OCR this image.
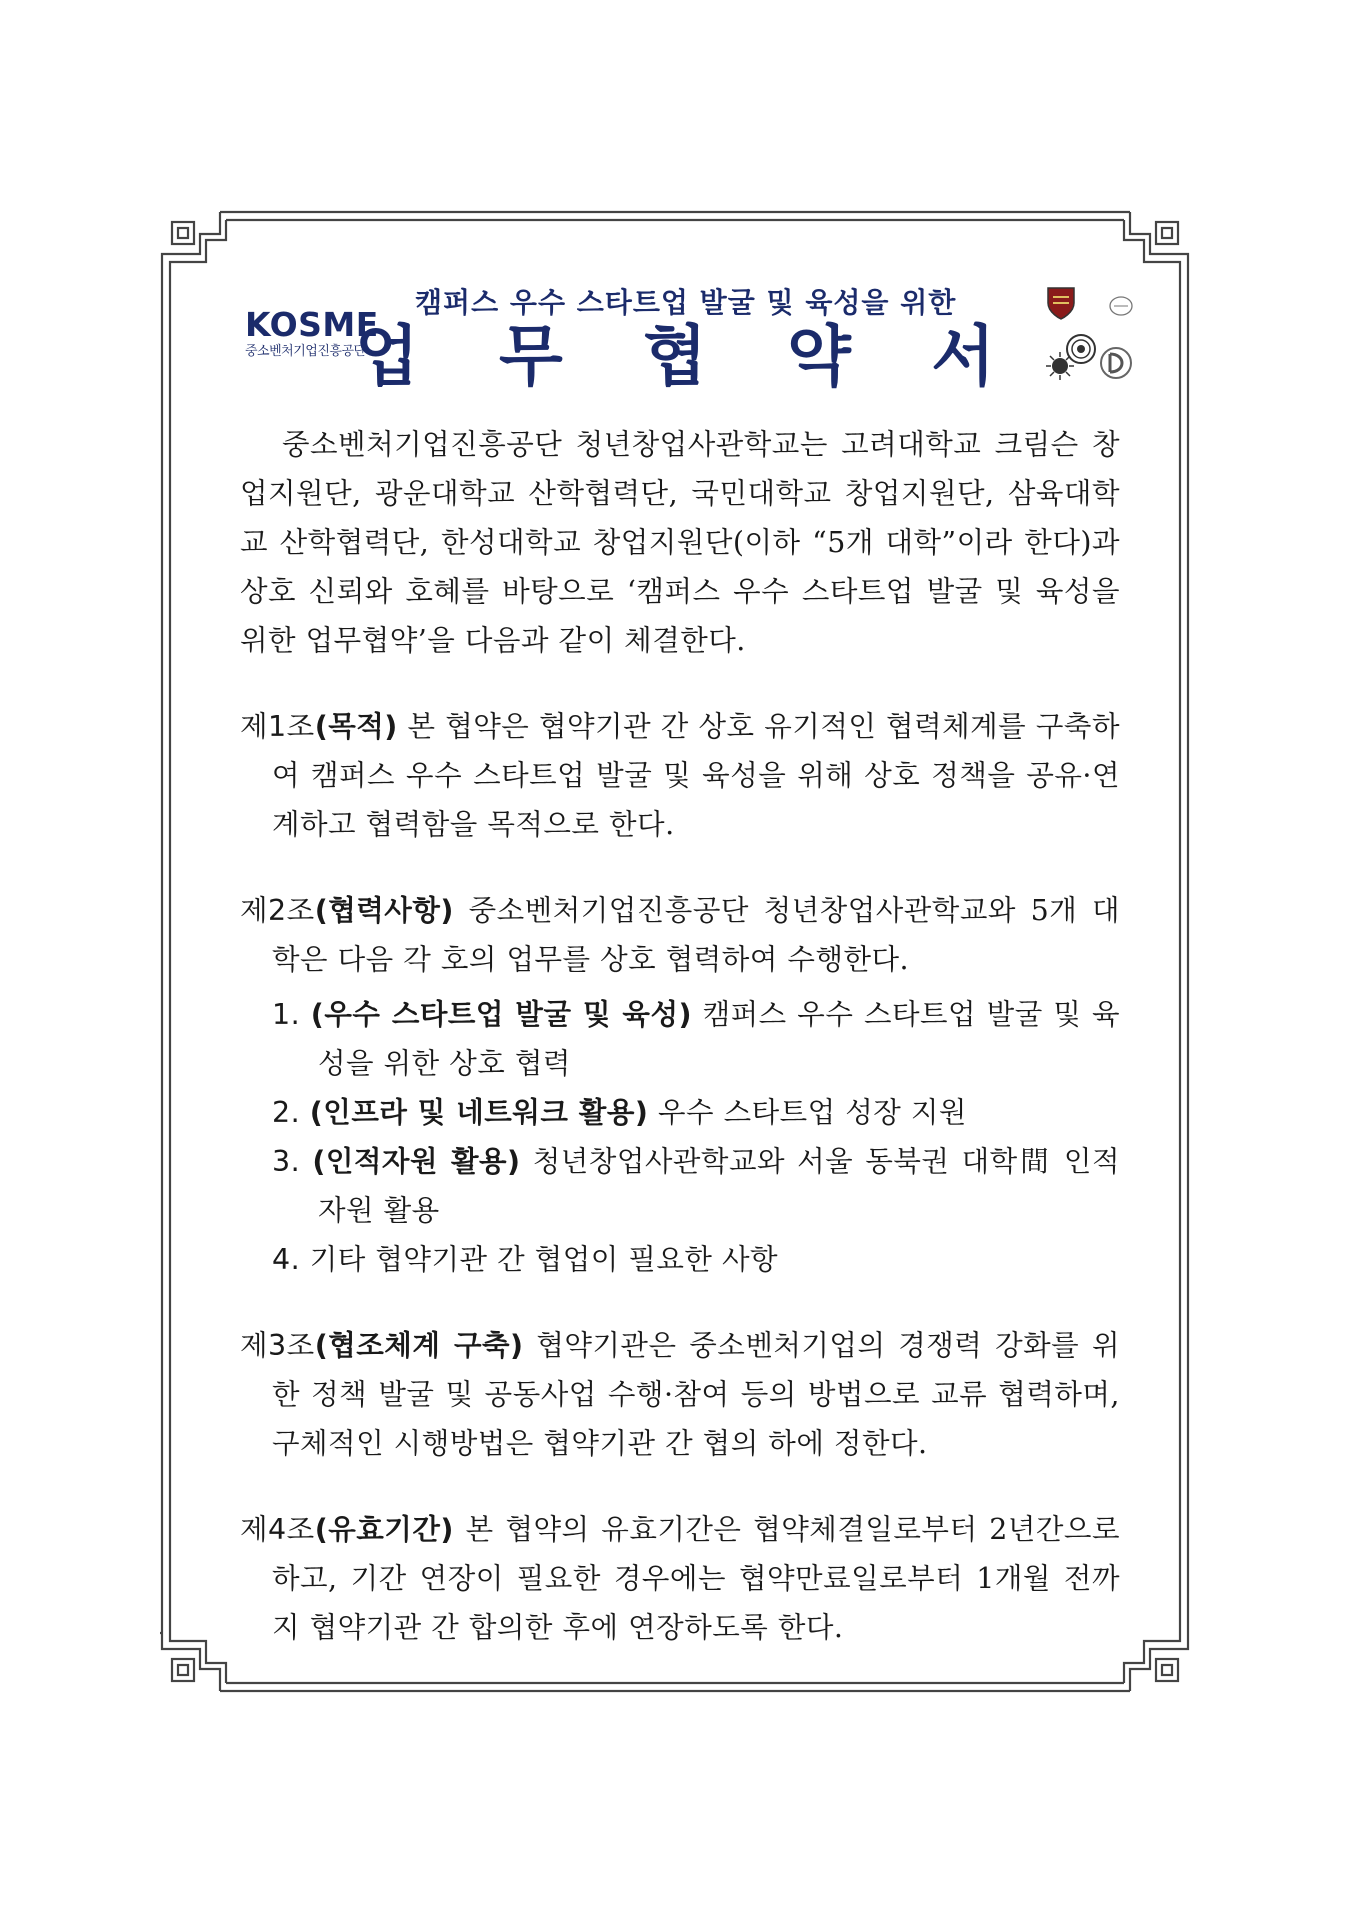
KOSME
중소벤처기업진흥공단
캠퍼스 우수 스타트업 발굴 및 육성을 위한
업 무 협 약 서

중소벤처기업진흥공단 청년창업사관학교는 고려대학교 크림슨 창업지원단, 광운대학교 산학협력단, 국민대학교 창업지원단, 삼육대학교 산학협력단, 한성대학교 창업지원단(이하 “5개 대학”이라 한다)과 상호 신뢰와 호혜를 바탕으로 ‘캠퍼스 우수 스타트업 발굴 및 육성을 위한 업무협약’을 다음과 같이 체결한다.

제1조(목적) 본 협약은 협약기관 간 상호 유기적인 협력체계를 구축하여 캠퍼스 우수 스타트업 발굴 및 육성을 위해 상호 정책을 공유·연계하고 협력함을 목적으로 한다.

제2조(협력사항) 중소벤처기업진흥공단 청년창업사관학교와 5개 대학은 다음 각 호의 업무를 상호 협력하여 수행한다.

1. (우수 스타트업 발굴 및 육성) 캠퍼스 우수 스타트업 발굴 및 육성을 위한 상호 협력
2. (인프라 및 네트워크 활용) 우수 스타트업 성장 지원
3. (인적자원 활용) 청년창업사관학교와 서울 동북권 대학間 인적자원 활용
4. 기타 협약기관 간 협업이 필요한 사항

제3조(협조체계 구축) 협약기관은 중소벤처기업의 경쟁력 강화를 위한 정책 발굴 및 공동사업 수행·참여 등의 방법으로 교류 협력하며, 구체적인 시행방법은 협약기관 간 협의 하에 정한다.

제4조(유효기간) 본 협약의 유효기간은 협약체결일로부터 2년간으로 하고, 기간 연장이 필요한 경우에는 협약만료일로부터 1개월 전까지 협약기관 간 합의한 후에 연장하도록 한다.
